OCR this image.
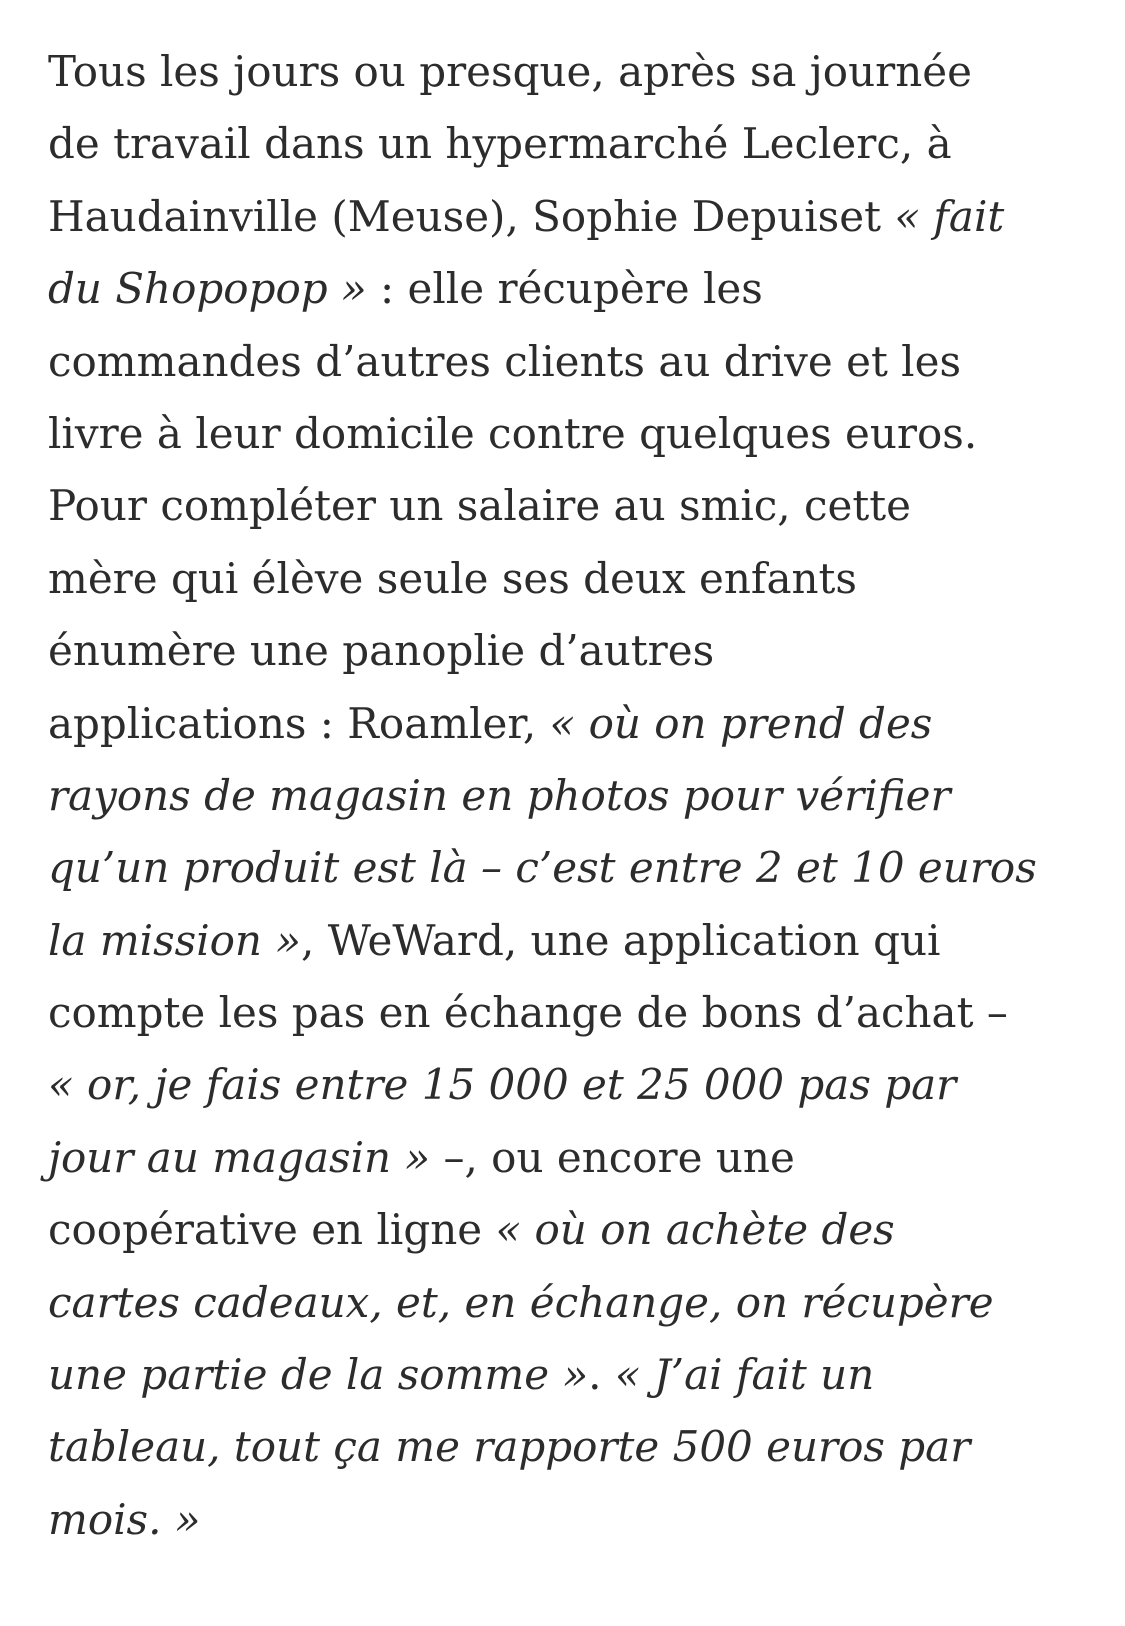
Tous les jours ou presque, après sa journée
de travail dans un hypermarché Leclerc, à
Haudainville (Meuse), Sophie Depuiset « fait
du Shopopop » : elle récupère les
commandes d’autres clients au drive et les
livre à leur domicile contre quelques euros.
Pour compléter un salaire au smic, cette
mère qui élève seule ses deux enfants
énumère une panoplie d’autres
applications : Roamler, « où on prend des
rayons de magasin en photos pour vérifier
qu’un produit est là – c’est entre 2 et 10 euros
la mission », WeWard, une application qui
compte les pas en échange de bons d’achat –
« or, je fais entre 15 000 et 25 000 pas par
jour au magasin » –, ou encore une
coopérative en ligne « où on achète des
cartes cadeaux, et, en échange, on récupère
une partie de la somme ». « J’ai fait un
tableau, tout ça me rapporte 500 euros par
mois. »
